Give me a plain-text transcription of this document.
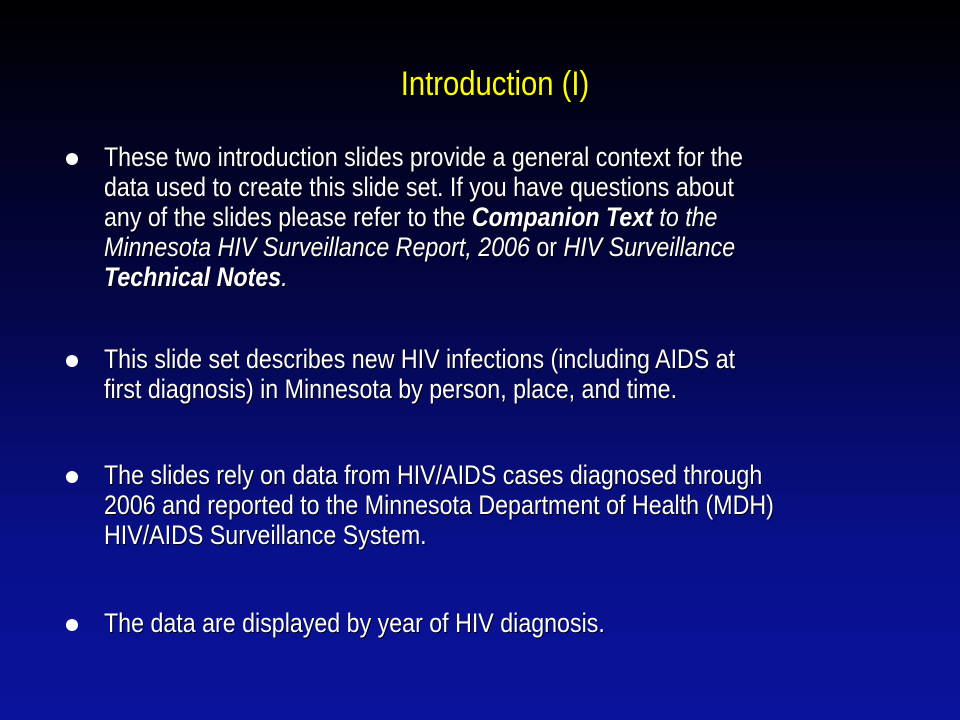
Introduction (I)
These two introduction slides provide a general context for the
data used to create this slide set. If you have questions about
any of the slides please refer to the Companion Text to the
Minnesota HIV Surveillance Report, 2006 or HIV Surveillance
Technical Notes.
This slide set describes new HIV infections (including AIDS at
first diagnosis) in Minnesota by person, place, and time.
The slides rely on data from HIV/AIDS cases diagnosed through
2006 and reported to the Minnesota Department of Health (MDH)
HIV/AIDS Surveillance System.
The data are displayed by year of HIV diagnosis.
